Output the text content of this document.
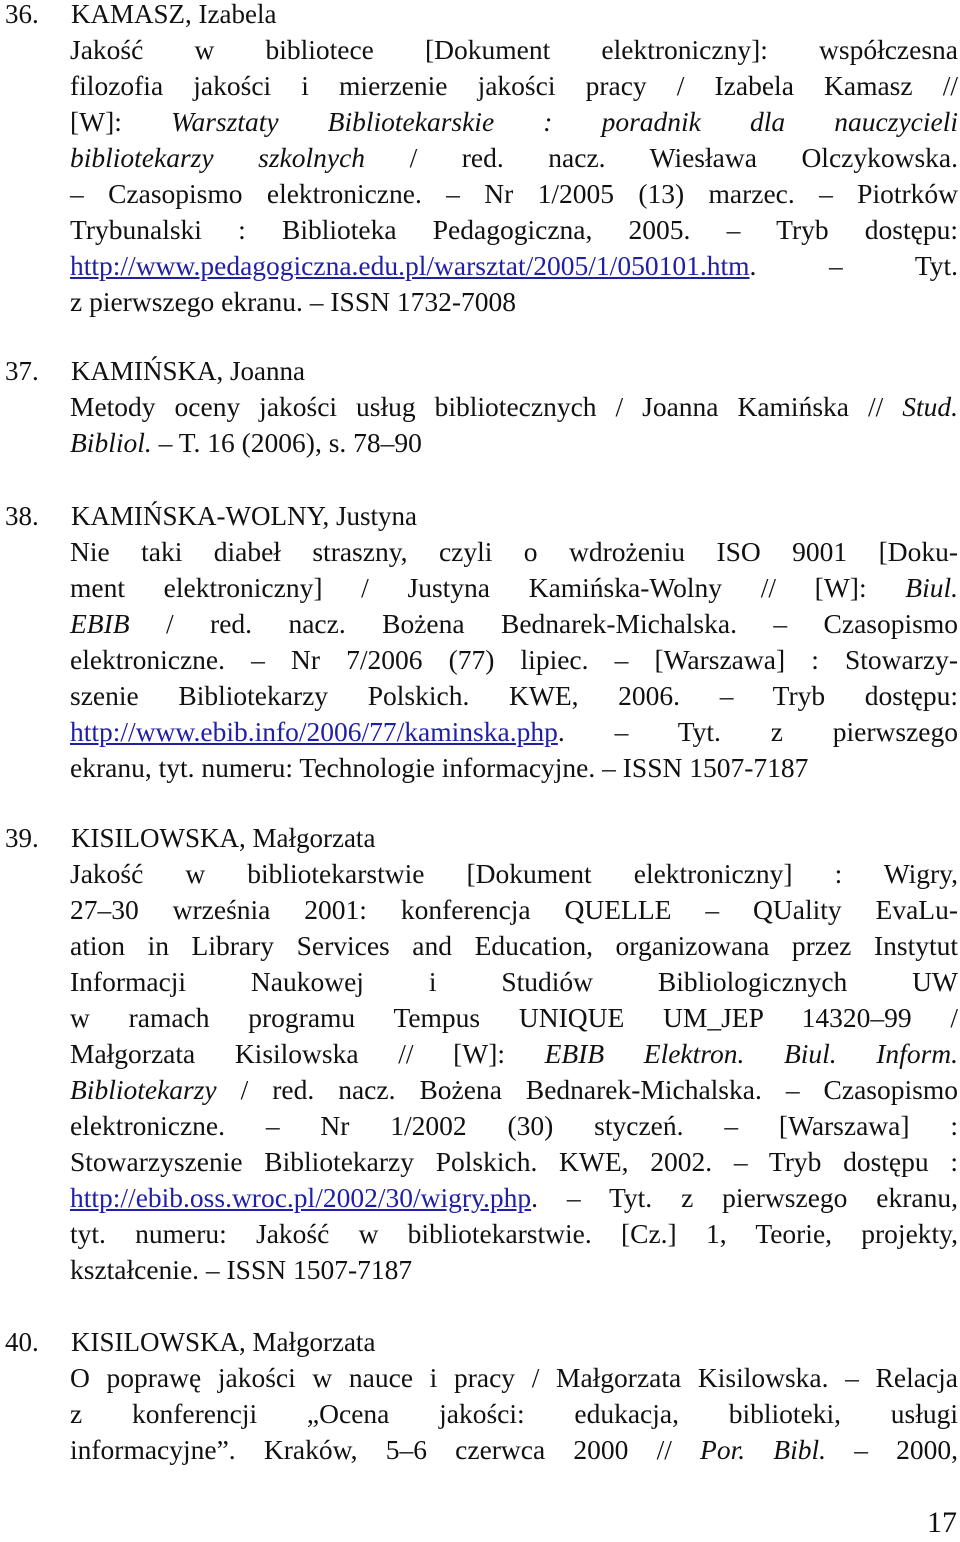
36. KAMASZ, Izabela
Jakość w bibliotece [Dokument elektroniczny]: współczesna
filozofia jakości i mierzenie jakości pracy / Izabela Kamasz //
[W]: Warsztaty Bibliotekarskie : poradnik dla nauczycieli
bibliotekarzy szkolnych / red. nacz. Wiesława Olczykowska.
– Czasopismo elektroniczne. – Nr 1/2005 (13) marzec. – Piotrków
Trybunalski : Biblioteka Pedagogiczna, 2005. – Tryb dostępu:
http://www.pedagogiczna.edu.pl/warsztat/2005/1/050101.htm. – Tyt.
z pierwszego ekranu. – ISSN 1732-7008
37. KAMIŃSKA, Joanna
Metody oceny jakości usług bibliotecznych / Joanna Kamińska // Stud.
Bibliol. – T. 16 (2006), s. 78–90
38. KAMIŃSKA-WOLNY, Justyna
Nie taki diabeł straszny, czyli o wdrożeniu ISO 9001 [Doku-
ment elektroniczny] / Justyna Kamińska-Wolny // [W]: Biul.
EBIB / red. nacz. Bożena Bednarek-Michalska. – Czasopismo
elektroniczne. – Nr 7/2006 (77) lipiec. – [Warszawa] : Stowarzy-
szenie Bibliotekarzy Polskich. KWE, 2006. – Tryb dostępu:
http://www.ebib.info/2006/77/kaminska.php. – Tyt. z pierwszego
ekranu, tyt. numeru: Technologie informacyjne. – ISSN 1507-7187
39. KISILOWSKA, Małgorzata
Jakość w bibliotekarstwie [Dokument elektroniczny] : Wigry,
27–30 września 2001: konferencja QUELLE – QUality EvaLu-
ation in Library Services and Education, organizowana przez Instytut
Informacji Naukowej i Studiów Bibliologicznych UW
w ramach programu Tempus UNIQUE UM_JEP 14320–99 /
Małgorzata Kisilowska // [W]: EBIB Elektron. Biul. Inform.
Bibliotekarzy / red. nacz. Bożena Bednarek-Michalska. – Czasopismo
elektroniczne. – Nr 1/2002 (30) styczeń. – [Warszawa] :
Stowarzyszenie Bibliotekarzy Polskich. KWE, 2002. – Tryb dostępu :
http://ebib.oss.wroc.pl/2002/30/wigry.php. – Tyt. z pierwszego ekranu,
tyt. numeru: Jakość w bibliotekarstwie. [Cz.] 1, Teorie, projekty,
kształcenie. – ISSN 1507-7187
40. KISILOWSKA, Małgorzata
O poprawę jakości w nauce i pracy / Małgorzata Kisilowska. – Relacja
z konferencji „Ocena jakości: edukacja, biblioteki, usługi
informacyjne”. Kraków, 5–6 czerwca 2000 // Por. Bibl. – 2000,
17
